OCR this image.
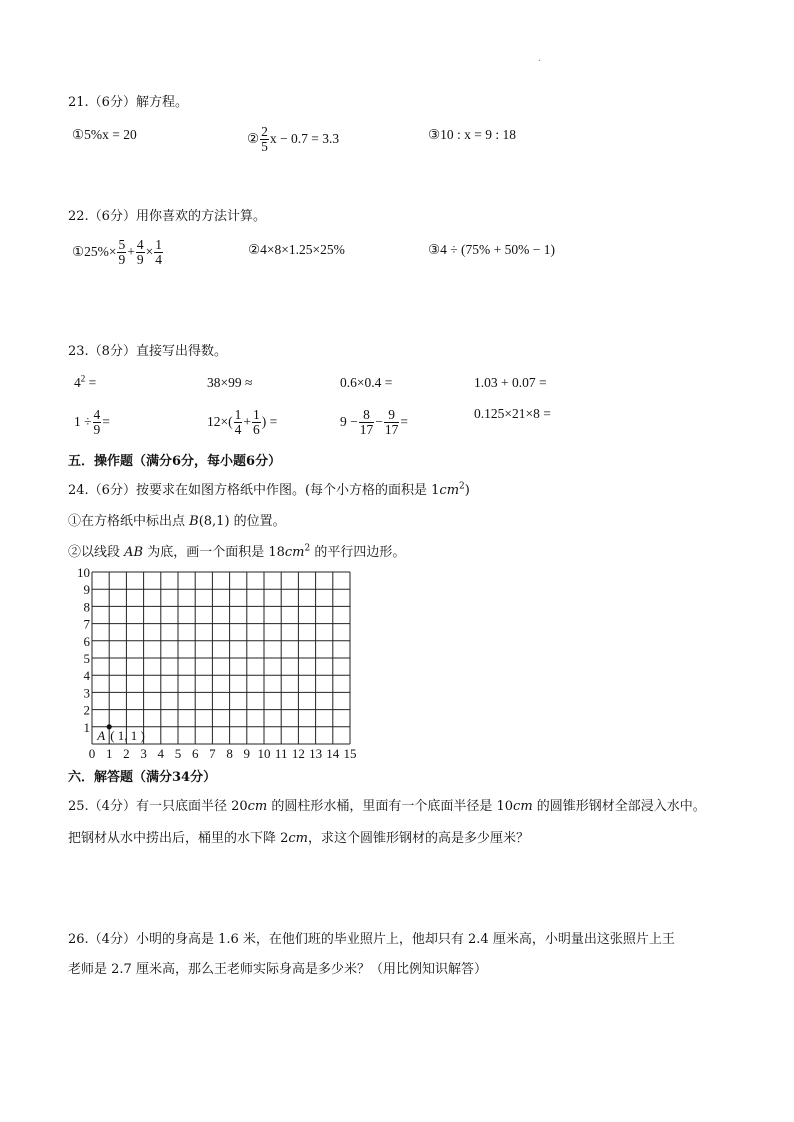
.
21.（6分）解方程。
①5%x = 20	② $\frac{2}{5}$ x − 0.7 = 3.3	③10 : x = 9 : 18
22.（6分）用你喜欢的方法计算。
①25%× $\frac{5}{9} + \frac{4}{9} \times \frac{1}{4}$	②4×8×1.25×25%	③4 ÷ (75% + 50% − 1)
23.（8分）直接写出得数。
$4^2$ =	38×99 ≈	0.6×0.4 =	1.03 + 0.07 =
$1 \div \frac{4}{9}$ =	$12\times( \frac{1}{4} + \frac{1}{6}$ ) =	$9 - \frac{8}{17} - \frac{9}{17}$ =
0.125×21×8 =
五．操作题（满分6分，每小题6分）
24.（6分）按要求在如图方格纸中作图。(每个小方格的面积是 $1cm^2$)
①在方格纸中标出点 B(8,1) 的位置。
②以线段 AB 为底，画一个面积是 $18cm^2$ 的平行四边形。
0 1 2 3 4 5 6 7 8 9 10 11 12 13 14 15
1
2
3
4
5
6
7
8
9
10
A ( 1, 1 )
六．解答题（满分34分）
25.（4分）有一只底面半径 20cm 的圆柱形水桶，里面有一个底面半径是 10cm 的圆锥形钢材全部浸入水中。
把钢材从水中捞出后，桶里的水下降 2cm，求这个圆锥形钢材的高是多少厘米？
26.（4分）小明的身高是 1.6 米，在他们班的毕业照片上，他却只有 2.4 厘米高，小明量出这张照片上王
老师是 2.7 厘米高，那么王老师实际身高是多少米？（用比例知识解答）
